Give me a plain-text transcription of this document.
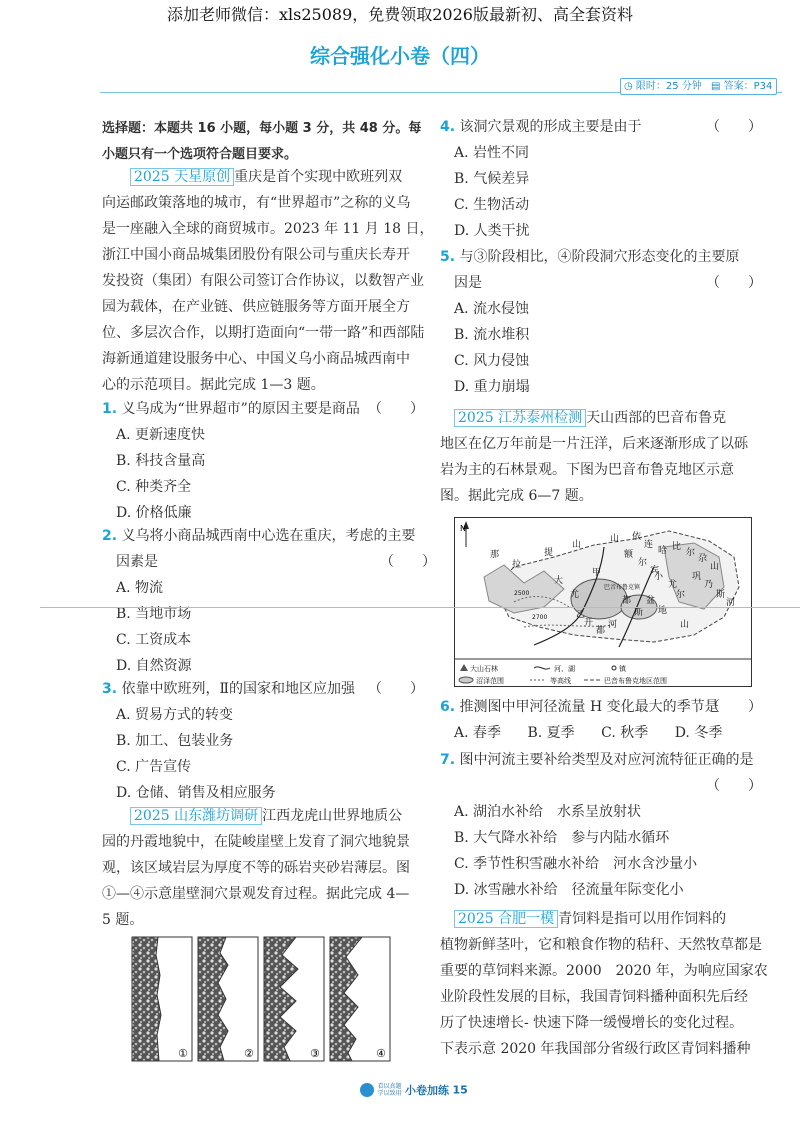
添加老师微信：xls25089，免费领取2026版最新初、高全套资料
综合强化小卷（四）
◷ 限时：25 分钟 ▤ 答案：P34
选择题：本题共 16 小题，每小题 3 分，共 48 分。每
小题只有一个选项符合题目要求。
2025 天星原创 重庆是首个实现中欧班列双
向运邮政策落地的城市，有“世界超市”之称的义乌
是一座融入全球的商贸城市。2023 年 11 月 18 日，
浙江中国小商品城集团股份有限公司与重庆长寿开
发投资（集团）有限公司签订合作协议，以数智产业
园为载体，在产业链、供应链服务等方面开展全方
位、多层次合作，以期打造面向“一带一路”和西部陆
海新通道建设服务中心、中国义乌小商品城西南中
心的示范项目。据此完成 1—3 题。
1. 义乌成为“世界超市”的原因主要是商品
A. 更新速度快
B. 科技含量高
C. 种类齐全
D. 价格低廉
（　　）
2. 义乌将小商品城西南中心选在重庆，考虑的主要
因素是
A. 物流
B. 当地市场
C. 工资成本
D. 自然资源
（　　）
3. 依靠中欧班列，Ⅱ的国家和地区应加强
A. 贸易方式的转变
B. 加工、包装业务
C. 广告宣传
D. 仓储、销售及相应服务
（　　）
2025 山东潍坊调研 江西龙虎山世界地质公
园的丹霞地貌中，在陡峻崖壁上发育了洞穴地貌景
观，该区域岩层为厚度不等的砾岩夹砂岩薄层。图
①—④示意崖壁洞穴景观发育过程。据此完成 4—
5 题。
①	②	③	④
4. 该洞穴景观的形成主要是由于
A. 岩性不同
B. 气候差异
C. 生物活动
D. 人类干扰
（　　）
5. 与③阶段相比，④阶段洞穴形态变化的主要原
因是
A. 流水侵蚀
B. 流水堆积
C. 风力侵蚀
D. 重力崩塌
（　　）
2025 江苏泰州检测 天山西部的巴音布鲁克
地区在亿万年前是一片汪洋，后来逐渐形成了以砾
岩为主的石林景观。下图为巴音布鲁克地区示意
图。据此完成 6—7 题。
N
那
拉
提
山
大
尤
甲
巴音布鲁克镇
小
尤
尔
都
斯
盆
地
额
尔
宾
山 依
连
哈 比
尔
尕
山
巩
乃
斯
河
开
都
河
2700
2500
乙
山
大山石林	河、湖	镇
沼泽范围	等高线	巴音布鲁克地区范围
6. 推测图中甲河径流量 H 变化最大的季节是
A. 春季 B. 夏季 C. 秋季 D. 冬季
（　　）
7. 图中河流主要补给类型及对应河流特征正确的是
A. 湖泊水补给　水系呈放射状
B. 大气降水补给　参与内陆水循环
C. 季节性积雪融水补给　河水含沙量小
D. 冰雪融水补给　径流量年际变化小
（　　）
2025 合肥一模 青饲料是指可以用作饲料的
植物新鲜茎叶，它和粮食作物的秸秆、天然牧草都是
重要的草饲料来源。2000　2020 年，为响应国家农
业阶段性发展的目标，我国青饲料播种面积先后经
历了快速增长- 快速下降一缓慢增长的变化过程。
下表示意 2020 年我国部分省级行政区青饲料播种
看以真题 学以致用 小卷加练 15
